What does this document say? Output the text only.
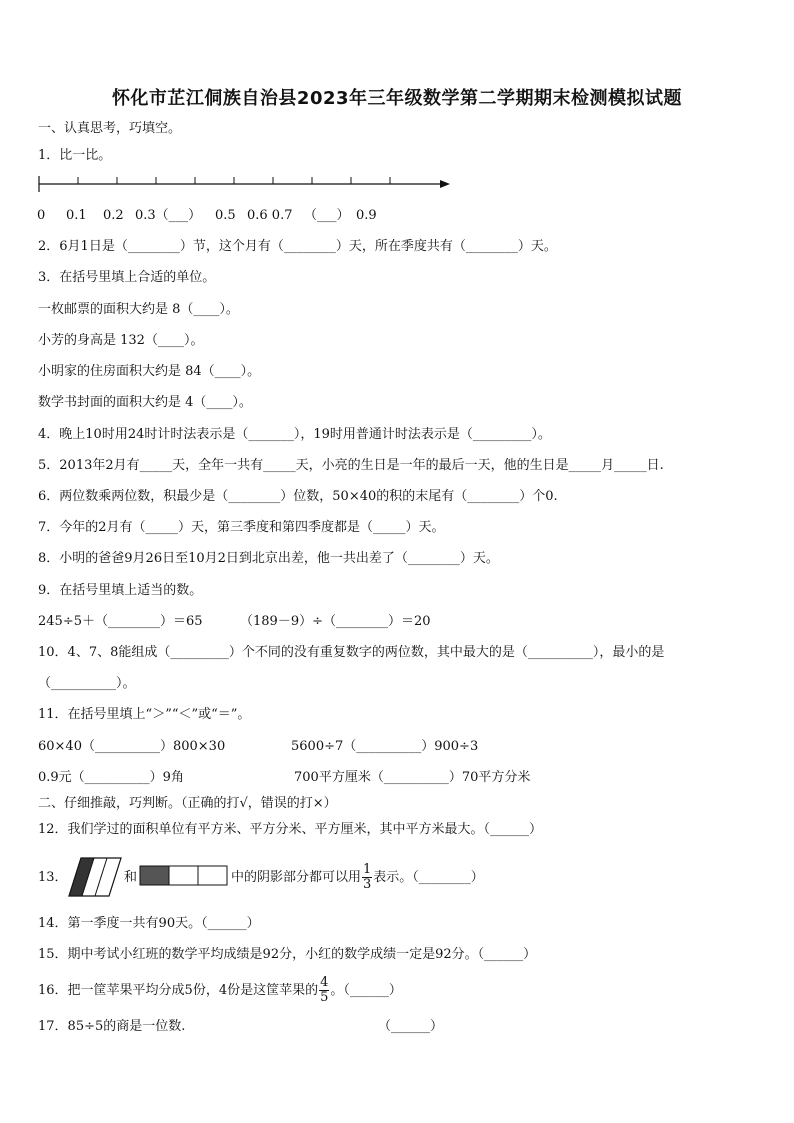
怀化市芷江侗族自治县2023年三年级数学第二学期期末检测模拟试题
一、认真思考，巧填空。
1．比一比。
0 0.1 0.2 0.3（___） 0.5 0.6 0.7 （___） 0.9
2．6月1日是（________）节，这个月有（________）天，所在季度共有（________）天。
3．在括号里填上合适的单位。
一枚邮票的面积大约是 8（____）。
小芳的身高是 132（____）。
小明家的住房面积大约是 84（____）。
数学书封面的面积大约是 4（____）。
4．晚上10时用24时计时法表示是（_______），19时用普通计时法表示是（_________）。
5．2013年2月有_____天，全年一共有_____天，小亮的生日是一年的最后一天，他的生日是_____月_____日.
6．两位数乘两位数，积最少是（________）位数，50×40的积的末尾有（________）个0.
7．今年的2月有（_____）天，第三季度和第四季度都是（_____）天。
8．小明的爸爸9月26日至10月2日到北京出差，他一共出差了（________）天。
9．在括号里填上适当的数。
245÷5＋（________）＝65	（189－9）÷（________）＝20
10．4、7、8能组成（_________）个不同的没有重复数字的两位数，其中最大的是（__________），最小的是
（__________）。
11．在括号里填上“＞”“＜”或“＝”。
60×40（__________）800×30	5600÷7（__________）900÷3
0.9元（__________）9角	700平方厘米（__________）70平方分米
二、仔细推敲，巧判断。（正确的打√，错误的打×）
12．我们学过的面积单位有平方米、平方分米、平方厘米，其中平方米最大。（______）
13．	和	中的阴影部分都可以用 $\frac{1}{3}$ 表示。（________）
14．第一季度一共有90天。（______）
15．期中考试小红班的数学平均成绩是92分，小红的数学成绩一定是92分。（______）
16．把一筐苹果平均分成5份，4份是这筐苹果的 $\frac{4}{5}$ 。（______）
17．85÷5的商是一位数.	（______）
